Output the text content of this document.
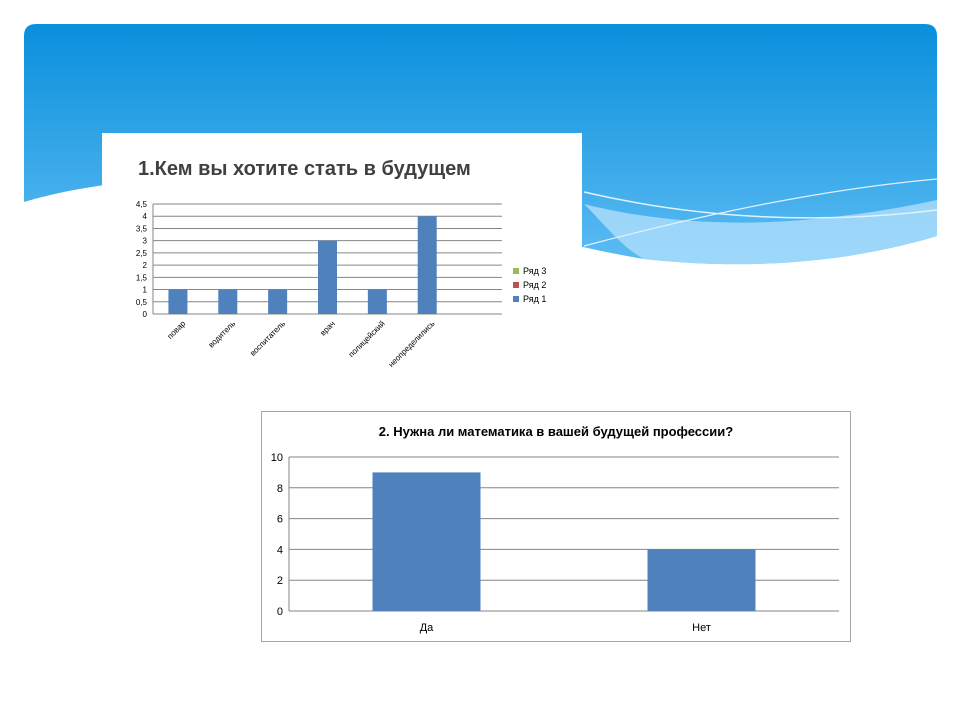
1.Кем вы хотите стать в будущем
0
0,5
1
1,5
2
2,5
3
3,5
4
4,5
повар водитель воспитатель	врач полицейский неопределились
Ряд 3
Ряд 2
Ряд 1
2. Нужна ли математика в вашей будущей профессии?
0
2
4
6
8
10
Да	Нет
